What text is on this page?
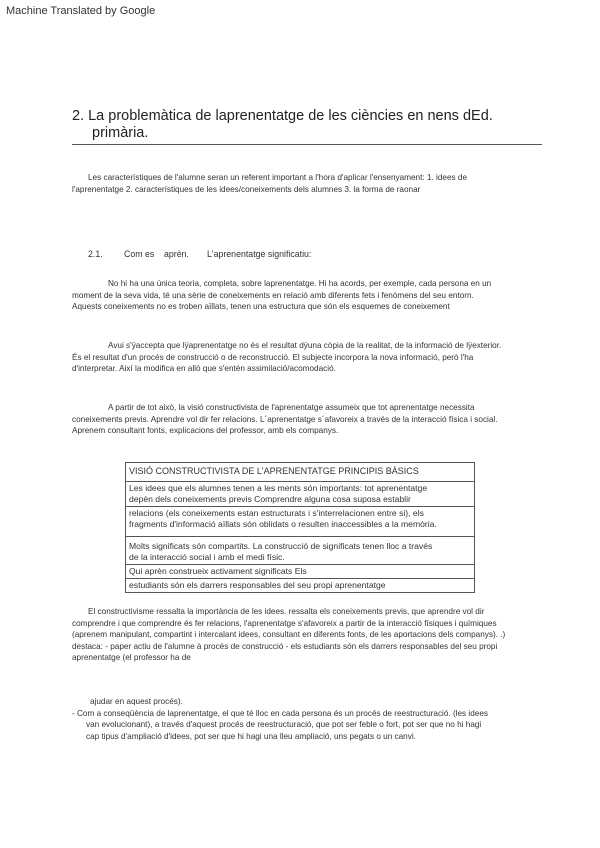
Machine Translated by Google
2. La problemàtica de laprenentatge de les ciències en nens dEd.
primària.
Les característiques de l'alumne seran un referent important a l'hora d'aplicar l'ensenyament: 1. idees de
l'aprenentatge 2. característiques de les idees/coneixements dels alumnes 3. la forma de raonar
2.1. Com es aprèn. L'aprenentatge significatiu:
No hi ha una única teoria, completa, sobre laprenentatge. Hi ha acords, per exemple, cada persona en un
moment de la seva vida, té una sèrie de coneixements en relació amb diferents fets i fenòmens del seu entorn.
Aquests coneixements no es troben aïllats, tenen una estructura que són els esquemes de coneixement
Avui s'ÿaccepta que lÿaprenentatge no és el resultat dÿuna còpia de la realitat, de la informació de lÿexterior.
És el resultat d'un procés de construcció o de reconstrucció. El subjecte incorpora la nova informació, però l'ha
d'interpretar. Així la modifica en allò que s'entén assimilació/acomodació.
A partir de tot això, la visió constructivista de l'aprenentatge assumeix que tot aprenentatge necessita
coneixements previs. Aprendre vol dir fer relacions. L´aprenentatge s´afavoreix a través de la interacció física i social.
Aprenem consultant fonts, explicacions del professor, amb els companys.
VISIÓ CONSTRUCTIVISTA DE L'APRENENTATGE PRINCIPIS BÀSICS

Les idees que els alumnes tenen a les ments són importants: tot aprenentatge
depèn dels coneixements previs Comprendre alguna cosa suposa establir

relacions (els coneixements estan estructurats i s'interrelacionen entre si), els
fragments d'informació aïllats són oblidats o resulten inaccessibles a la memòria.

Molts significats són compartits. La construcció de significats tenen lloc a través
de la interacció social i amb el medi físic.

Qui aprèn construeix activament significats Els

estudiants són els darrers responsables del seu propi aprenentatge
El constructivisme ressalta la importància de les idees. ressalta els coneixements previs, que aprendre vol dir
comprendre i que comprendre és fer relacions, l'aprenentatge s'afavoreix a partir de la interacció físiques i químiques
(aprenem manipulant, compartint i intercalant idees, consultant en diferents fonts, de les aportacions dels companys). .)
destaca: - paper actiu de l'alumne à procés de construcció - els estudiants són els darrers responsables del seu propi
aprenentatge (el professor ha de
ajudar en aquest procés).
- Com a conseqüència de laprenentatge, el que té lloc en cada persona és un procés de reestructuració. (les idees
van evolucionant), a través d'aquest procés de reestructuració, que pot ser feble o fort, pot ser que no hi hagi
cap tipus d'ampliació d'idees, pot ser que hi hagi una lleu ampliació, uns pegats o un canvi.
